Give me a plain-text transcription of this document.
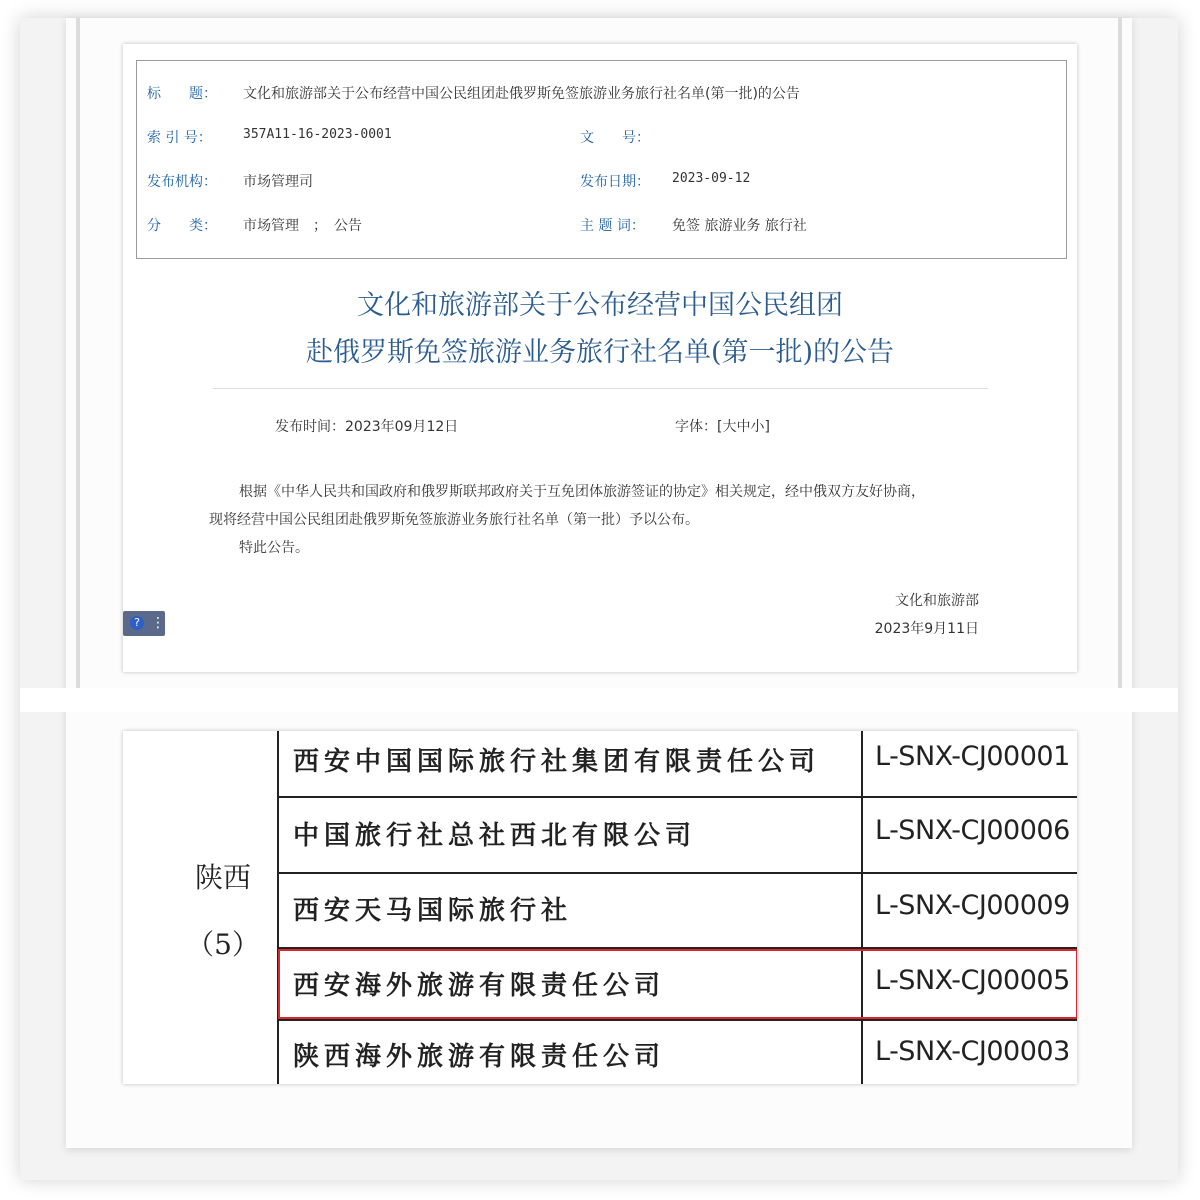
标　　题： 文化和旅游部关于公布经营中国公民组团赴俄罗斯免签旅游业务旅行社名单(第一批)的公告
索 引 号： 357A11-16-2023-0001	文　　号：
发布机构： 市场管理司	发布日期： 2023-09-12
分　　类： 市场管理　；　公告	主 题 词： 免签 旅游业务 旅行社
文化和旅游部关于公布经营中国公民组团
赴俄罗斯免签旅游业务旅行社名单(第一批)的公告
发布时间：2023年09月12日	字体：[大中小]
根据《中华人民共和国政府和俄罗斯联邦政府关于互免团体旅游签证的协定》相关规定，经中俄双方友好协商，
现将经营中国公民组团赴俄罗斯免签旅游业务旅行社名单（第一批）予以公布。
特此公告。
文化和旅游部
2023年9月11日
? ⋮
陕西
（5）
西安中国国际旅行社集团有限责任公司 L-SNX-CJ00001
中国旅行社总社西北有限公司	L-SNX-CJ00006
西安天马国际旅行社	L-SNX-CJ00009
西安海外旅游有限责任公司	L-SNX-CJ00005
陕西海外旅游有限责任公司	L-SNX-CJ00003
